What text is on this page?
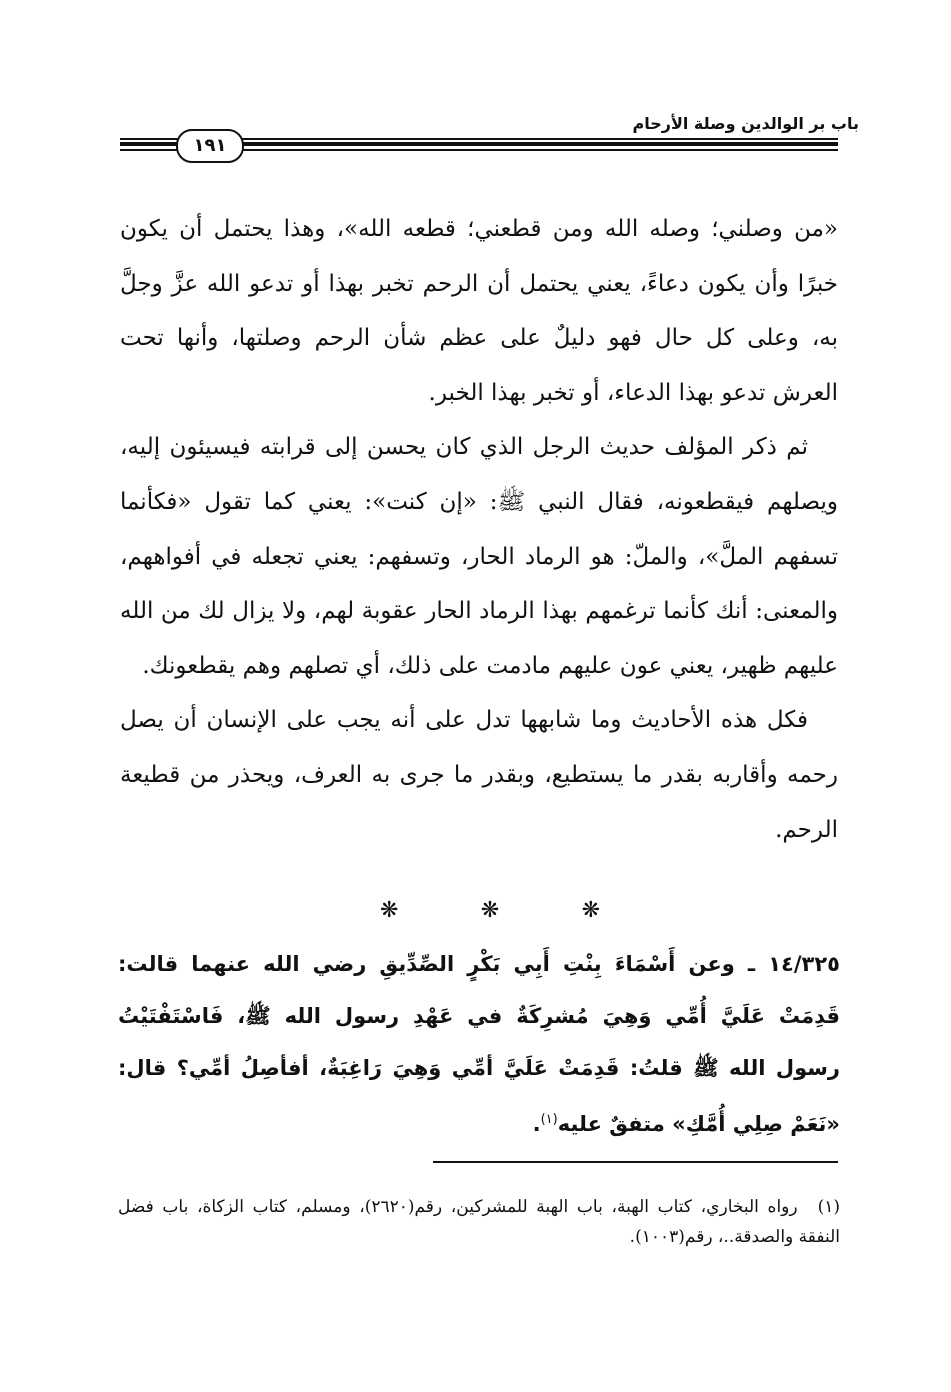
باب بر الوالدين وصلة الأرحام
١٩١

«من وصلني؛ وصله الله ومن قطعني؛ قطعه الله»، وهذا يحتمل أن يكون خبرًا وأن يكون دعاءً، يعني يحتمل أن الرحم تخبر بهذا أو تدعو الله عزَّ وجلَّ به، وعلى كل حال فهو دليلٌ على عظم شأن الرحم وصلتها، وأنها تحت العرش تدعو بهذا الدعاء، أو تخبر بهذا الخبر.

ثم ذكر المؤلف حديث الرجل الذي كان يحسن إلى قرابته فيسيئون إليه، ويصلهم فيقطعونه، فقال النبي ﷺ: «إن كنت»: يعني كما تقول «فكأنما تسفهم الملَّ»، والملّ: هو الرماد الحار، وتسفهم: يعني تجعله في أفواههم، والمعنى: أنك كأنما ترغمهم بهذا الرماد الحار عقوبة لهم، ولا يزال لك من الله عليهم ظهير، يعني عون عليهم مادمت على ذلك، أي تصلهم وهم يقطعونك.

فكل هذه الأحاديث وما شابهها تدل على أنه يجب على الإنسان أن يصل رحمه وأقاربه بقدر ما يستطيع، وبقدر ما جرى به العرف، ويحذر من قطيعة الرحم.

❋	❋	❋
١٤/٣٢٥ ـ وعن أَسْمَاءَ بِنْتِ أَبِي بَكْرٍ الصِّدِّيقِ رضي الله عنهما قالت: قَدِمَتْ عَلَيَّ أُمِّي وَهِيَ مُشرِكَةٌ في عَهْدِ رسول الله ﷺ، فَاسْتَفْتَيْتُ رسول الله ﷺ قلتُ: قَدِمَتْ عَلَيَّ أمِّي وَهِيَ رَاغِبَةٌ، أفأصِلُ أمِّي؟ قال: «نَعَمْ صِلِي أُمَّكِ» متفقٌ عليه$^{(١)}$.
(١)رواه البخاري، كتاب الهبة، باب الهبة للمشركين، رقم(٢٦٢٠)، ومسلم، كتاب الزكاة، باب فضل النفقة والصدقة..، رقم(١٠٠٣).
